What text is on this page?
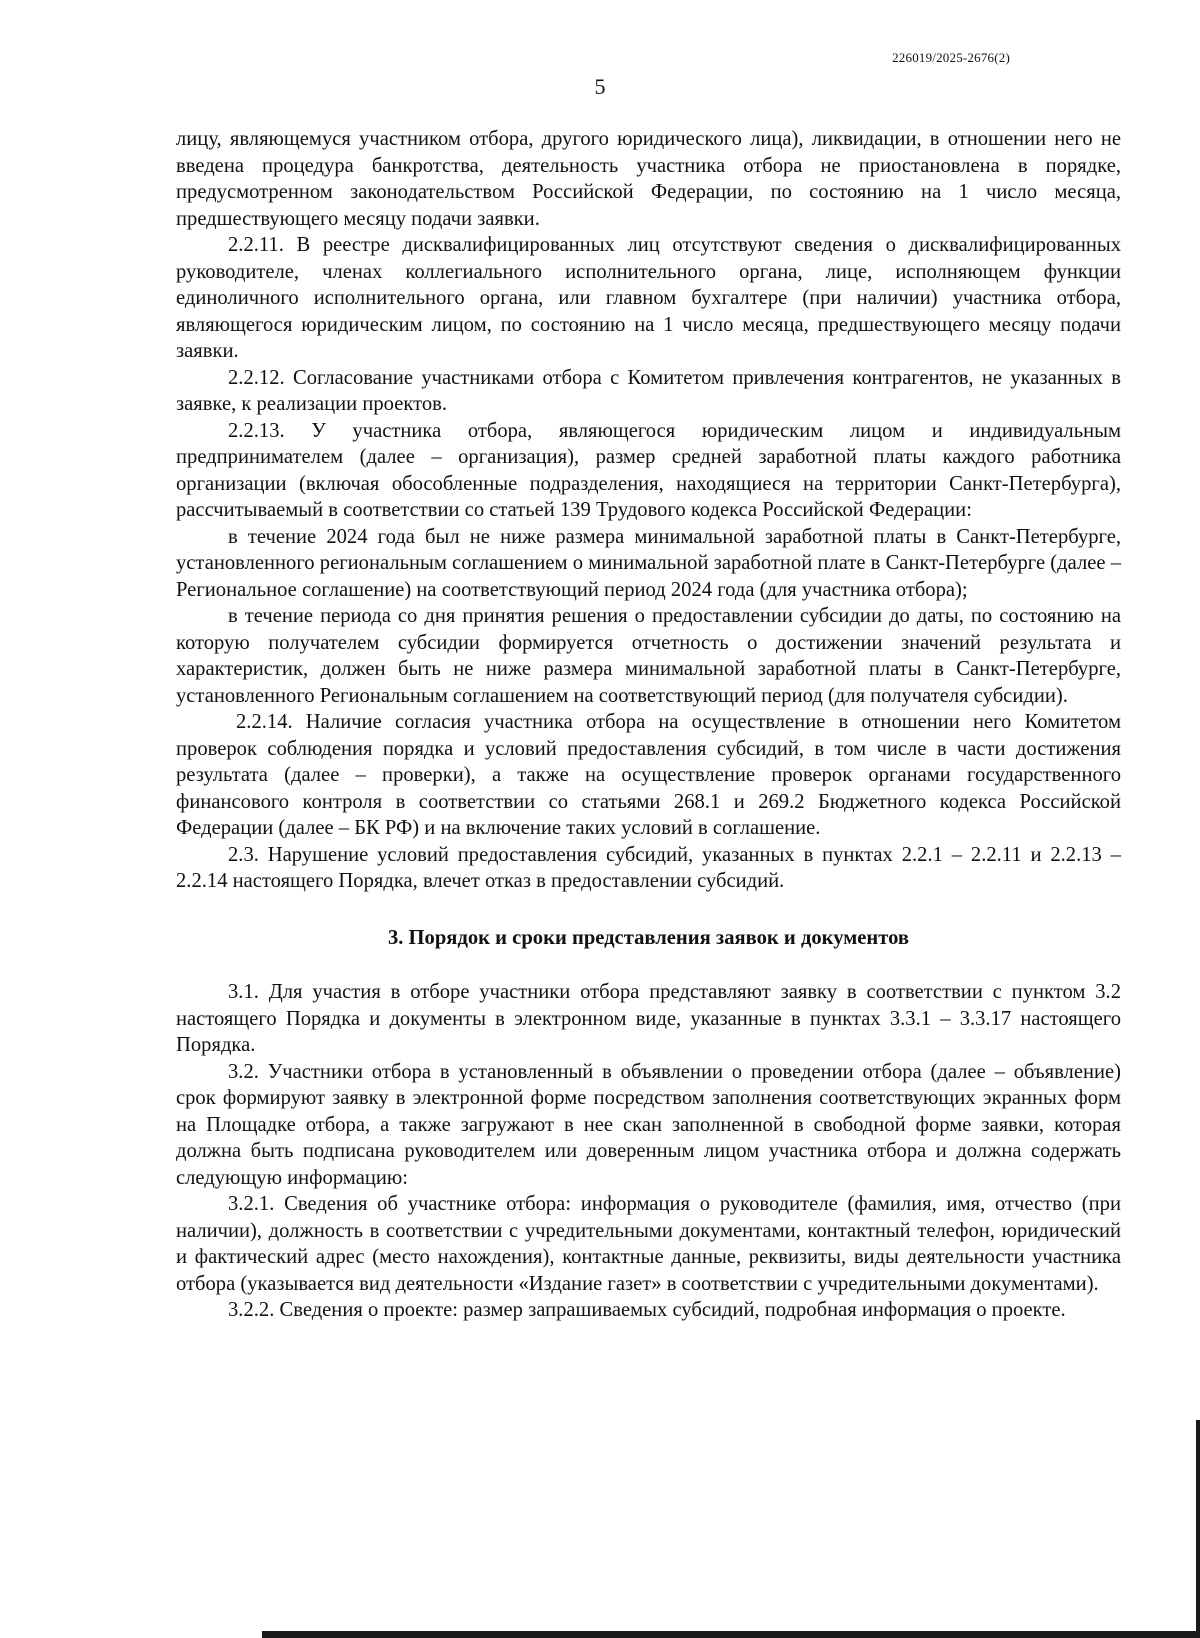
226019/2025-2676(2)
5

лицу, являющемуся участником отбора, другого юридического лица), ликвидации, в отношении него не введена процедура банкротства, деятельность участника отбора не приостановлена в порядке, предусмотренном законодательством Российской Федерации, по состоянию на 1 число месяца, предшествующего месяцу подачи заявки.

2.2.11. В реестре дисквалифицированных лиц отсутствуют сведения о дисквалифицированных руководителе, членах коллегиального исполнительного органа, лице, исполняющем функции единоличного исполнительного органа, или главном бухгалтере (при наличии) участника отбора, являющегося юридическим лицом, по состоянию на 1 число месяца, предшествующего месяцу подачи заявки.

2.2.12. Согласование участниками отбора с Комитетом привлечения контрагентов, не указанных в заявке, к реализации проектов.

2.2.13. У участника отбора, являющегося юридическим лицом и индивидуальным предпринимателем (далее – организация), размер средней заработной платы каждого работника организации (включая обособленные подразделения, находящиеся на территории Санкт-Петербурга), рассчитываемый в соответствии со статьей 139 Трудового кодекса Российской Федерации:

в течение 2024 года был не ниже размера минимальной заработной платы в Санкт-Петербурге, установленного региональным соглашением о минимальной заработной плате в Санкт-Петербурге (далее – Региональное соглашение) на соответствующий период 2024 года (для участника отбора);

в течение периода со дня принятия решения о предоставлении субсидии до даты, по состоянию на которую получателем субсидии формируется отчетность о достижении значений результата и характеристик, должен быть не ниже размера минимальной заработной платы в Санкт-Петербурге, установленного Региональным соглашением на соответствующий период (для получателя субсидии).

2.2.14. Наличие согласия участника отбора на осуществление в отношении него Комитетом проверок соблюдения порядка и условий предоставления субсидий, в том числе в части достижения результата (далее – проверки), а также на осуществление проверок органами государственного финансового контроля в соответствии со статьями 268.1 и 269.2 Бюджетного кодекса Российской Федерации (далее – БК РФ) и на включение таких условий в соглашение.

2.3. Нарушение условий предоставления субсидий, указанных в пунктах 2.2.1 – 2.2.11 и 2.2.13 – 2.2.14 настоящего Порядка, влечет отказ в предоставлении субсидий.

3. Порядок и сроки представления заявок и документов

3.1. Для участия в отборе участники отбора представляют заявку в соответствии с пунктом 3.2 настоящего Порядка и документы в электронном виде, указанные в пунктах 3.3.1 – 3.3.17 настоящего Порядка.

3.2. Участники отбора в установленный в объявлении о проведении отбора (далее – объявление) срок формируют заявку в электронной форме посредством заполнения соответствующих экранных форм на Площадке отбора, а также загружают в нее скан заполненной в свободной форме заявки, которая должна быть подписана руководителем или доверенным лицом участника отбора и должна содержать следующую информацию:

3.2.1. Сведения об участнике отбора: информация о руководителе (фамилия, имя, отчество (при наличии), должность в соответствии с учредительными документами, контактный телефон, юридический и фактический адрес (место нахождения), контактные данные, реквизиты, виды деятельности участника отбора (указывается вид деятельности «Издание газет» в соответствии с учредительными документами).

3.2.2. Сведения о проекте: размер запрашиваемых субсидий, подробная информация о проекте.
